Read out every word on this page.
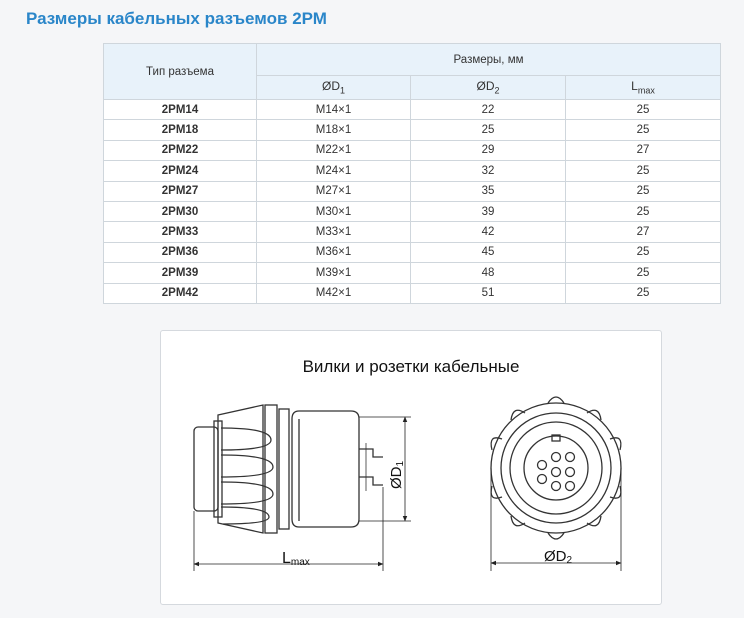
Размеры кабельных разъемов 2РМ
Тип разъема	Размеры, мм		
	$ØD_1$	$ØD_2$	$L_{max}$
2PM14	M14×1	22	25
2PM18	M18×1	25	25
2PM22	M22×1	29	27
2PM24	M24×1	32	25
2PM27	M27×1	35	25
2PM30	M30×1	39	25
2PM33	M33×1	42	27
2PM36	M36×1	45	25
2PM39	M39×1	48	25
2PM42	M42×1	51	25
Вилки и розетки кабельные
Lmax
ØD1
ØD2
